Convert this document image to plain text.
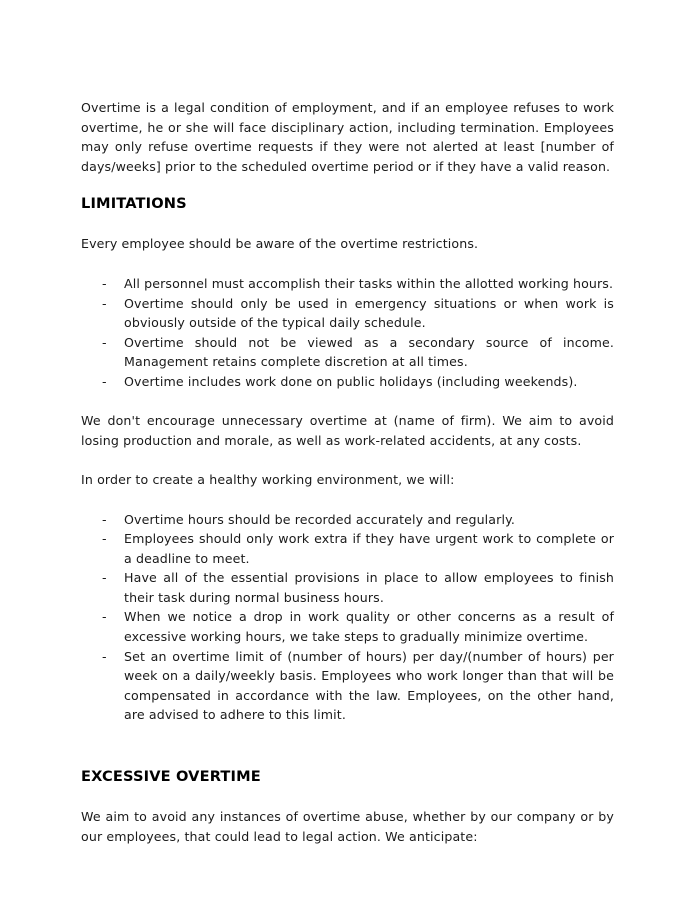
Overtime is a legal condition of employment, and if an employee refuses to work overtime, he or she will face disciplinary action, including termination. Employees may only refuse overtime requests if they were not alerted at least [number of days/weeks] prior to the scheduled overtime period or if they have a valid reason.

LIMITATIONS

Every employee should be aware of the overtime restrictions.

- All personnel must accomplish their tasks within the allotted working hours.
- Overtime should only be used in emergency situations or when work is obviously outside of the typical daily schedule.
- Overtime should not be viewed as a secondary source of income. Management retains complete discretion at all times.
- Overtime includes work done on public holidays (including weekends).

We don't encourage unnecessary overtime at (name of firm). We aim to avoid losing production and morale, as well as work-related accidents, at any costs.

In order to create a healthy working environment, we will:

- Overtime hours should be recorded accurately and regularly.
- Employees should only work extra if they have urgent work to complete or a deadline to meet.
- Have all of the essential provisions in place to allow employees to finish their task during normal business hours.
- When we notice a drop in work quality or other concerns as a result of excessive working hours, we take steps to gradually minimize overtime.
- Set an overtime limit of (number of hours) per day/(number of hours) per week on a daily/weekly basis. Employees who work longer than that will be compensated in accordance with the law. Employees, on the other hand, are advised to adhere to this limit.
EXCESSIVE OVERTIME

We aim to avoid any instances of overtime abuse, whether by our company or by our employees, that could lead to legal action. We anticipate:
